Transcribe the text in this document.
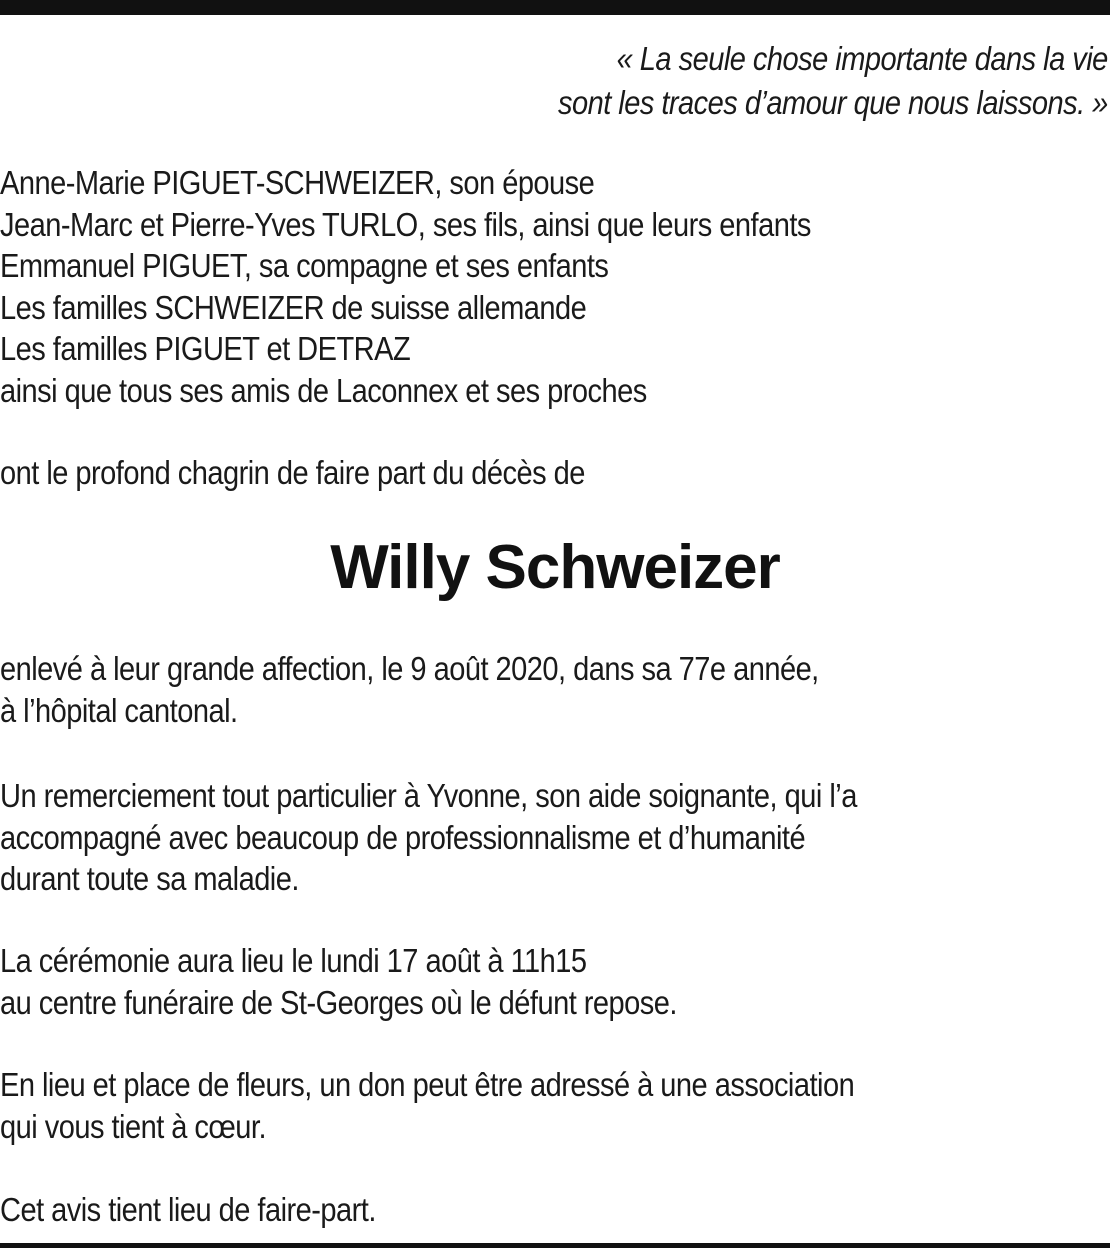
« La seule chose importante dans la vie
sont les traces d’amour que nous laissons. »
Anne-Marie PIGUET-SCHWEIZER, son épouse
Jean-Marc et Pierre-Yves TURLO, ses fils, ainsi que leurs enfants
Emmanuel PIGUET, sa compagne et ses enfants
Les familles SCHWEIZER de suisse allemande
Les familles PIGUET et DETRAZ
ainsi que tous ses amis de Laconnex et ses proches
ont le profond chagrin de faire part du décès de
Willy Schweizer
enlevé à leur grande affection, le 9 août 2020, dans sa 77e année,
à l’hôpital cantonal.
Un remerciement tout particulier à Yvonne, son aide soignante, qui l’a
accompagné avec beaucoup de professionnalisme et d’humanité
durant toute sa maladie.
La cérémonie aura lieu le lundi 17 août à 11h15
au centre funéraire de St-Georges où le défunt repose.
En lieu et place de fleurs, un don peut être adressé à une association
qui vous tient à cœur.
Cet avis tient lieu de faire-part.
